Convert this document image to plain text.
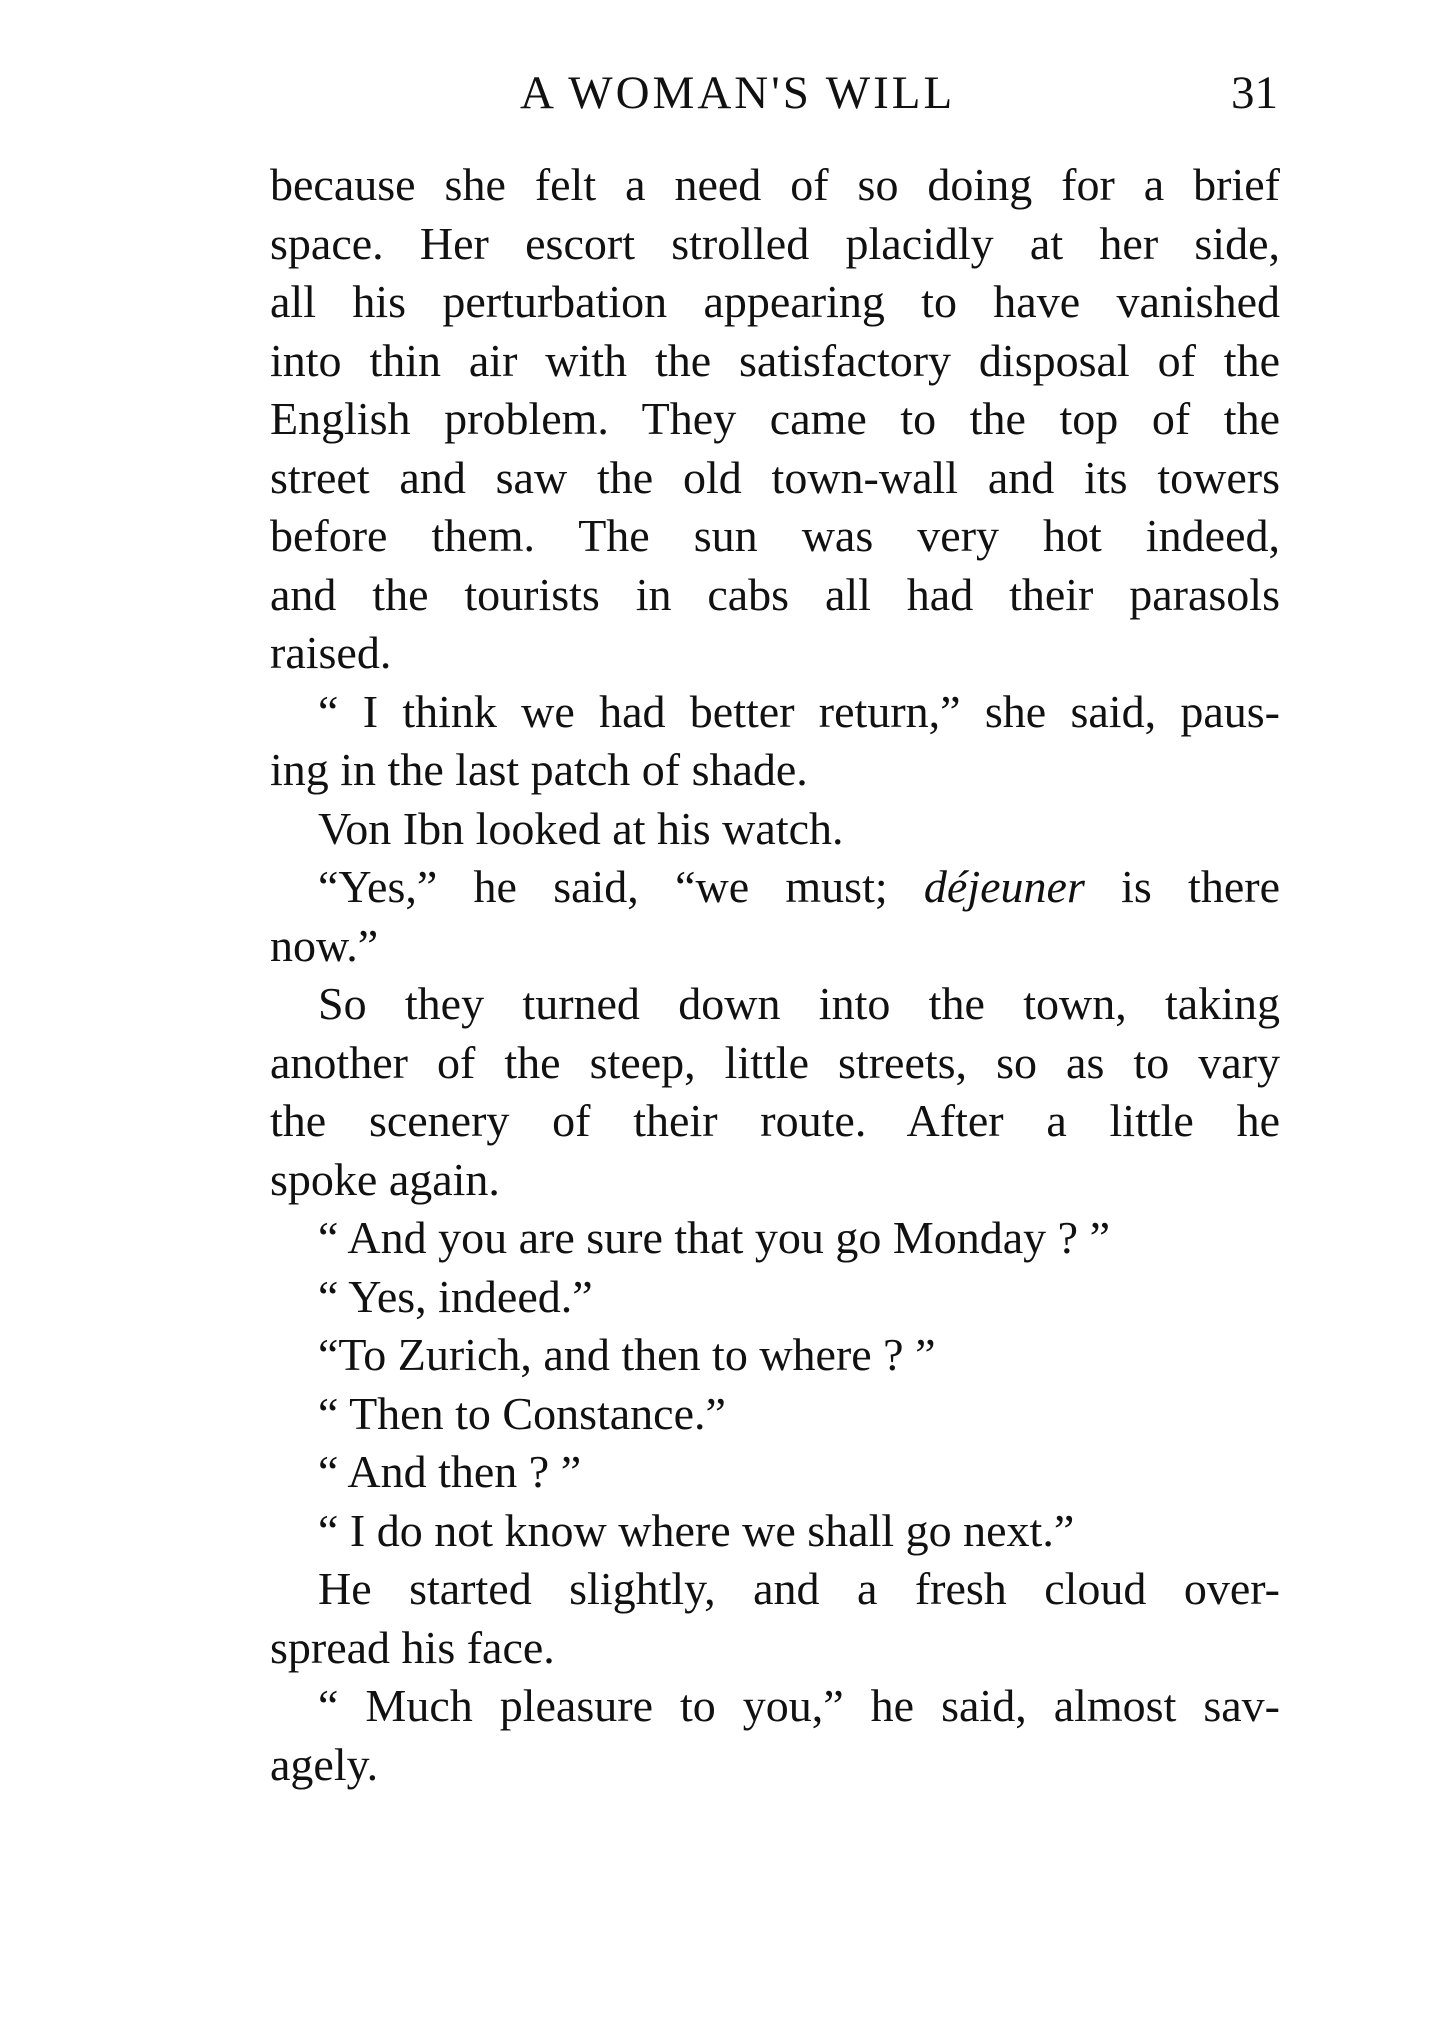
A WOMAN'S WILL	31
because she felt a need of so doing for a brief
space. Her escort strolled placidly at her side,
all his perturbation appearing to have vanished
into thin air with the satisfactory disposal of the
English problem. They came to the top of the
street and saw the old town-wall and its towers
before them. The sun was very hot indeed,
and the tourists in cabs all had their parasols
raised.
“ I think we had better return,” she said, paus-
ing in the last patch of shade.
Von Ibn looked at his watch.
“Yes,” he said, “we must; déjeuner is there
now.”
So they turned down into the town, taking
another of the steep, little streets, so as to vary
the scenery of their route. After a little he
spoke again.
“ And you are sure that you go Monday ? ”
“ Yes, indeed.”
“To Zurich, and then to where ? ”
“ Then to Constance.”
“ And then ? ”
“ I do not know where we shall go next.”
He started slightly, and a fresh cloud over-
spread his face.
“ Much pleasure to you,” he said, almost sav-
agely.
